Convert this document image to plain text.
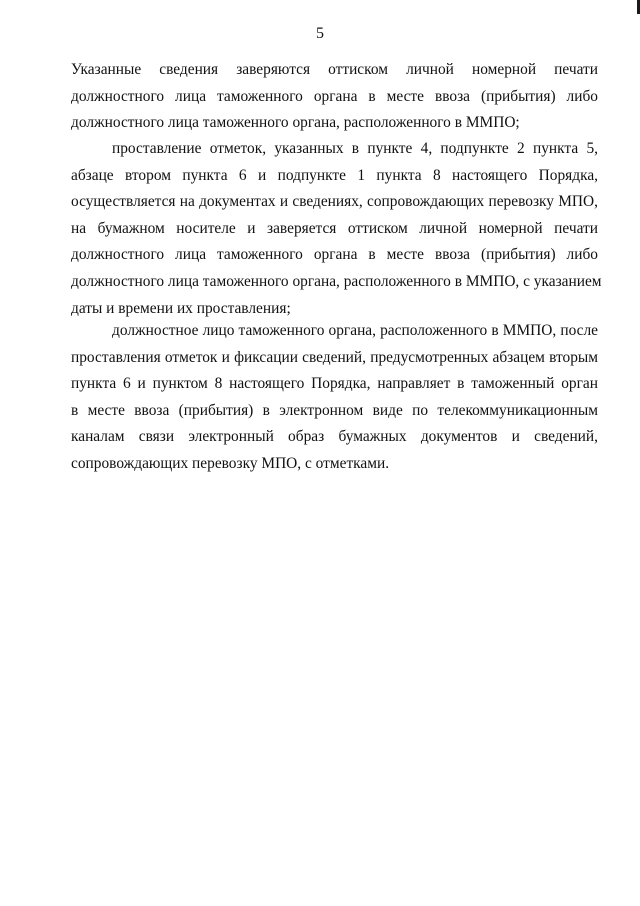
5

Указанные сведения заверяются оттиском личной номерной печати
должностного лица таможенного органа в месте ввоза (прибытия) либо
должностного лица таможенного органа, расположенного в ММПО;

проставление отметок, указанных в пункте 4, подпункте 2 пункта 5,
абзаце втором пункта 6 и подпункте 1 пункта 8 настоящего Порядка,
осуществляется на документах и сведениях, сопровождающих перевозку МПО,
на бумажном носителе и заверяется оттиском личной номерной печати
должностного лица таможенного органа в месте ввоза (прибытия) либо
должностного лица таможенного органа, расположенного в ММПО, с указанием
даты и времени их проставления;

должностное лицо таможенного органа, расположенного в ММПО, после
проставления отметок и фиксации сведений, предусмотренных абзацем вторым
пункта 6 и пунктом 8 настоящего Порядка, направляет в таможенный орган
в месте ввоза (прибытия) в электронном виде по телекоммуникационным
каналам связи электронный образ бумажных документов и сведений,
сопровождающих перевозку МПО, с отметками.
